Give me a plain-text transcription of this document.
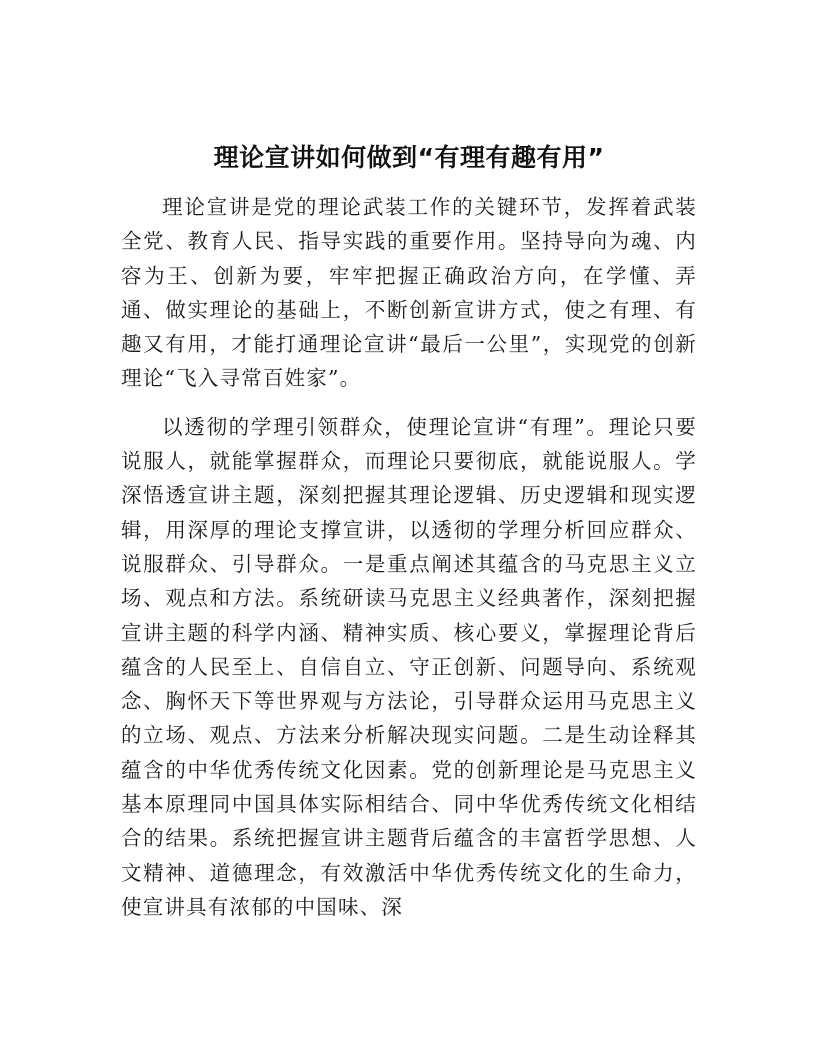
理论宣讲如何做到“有理有趣有用”

理论宣讲是党的理论武装工作的关键环节，发挥着武装全党、教育人民、指导实践的重要作用。坚持导向为魂、内容为王、创新为要，牢牢把握正确政治方向，在学懂、弄通、做实理论的基础上，不断创新宣讲方式，使之有理、有趣又有用，才能打通理论宣讲“最后一公里”，实现党的创新理论“飞入寻常百姓家”。

以透彻的学理引领群众，使理论宣讲“有理”。理论只要说服人，就能掌握群众，而理论只要彻底，就能说服人。学深悟透宣讲主题，深刻把握其理论逻辑、历史逻辑和现实逻辑，用深厚的理论支撑宣讲，以透彻的学理分析回应群众、说服群众、引导群众。一是重点阐述其蕴含的马克思主义立场、观点和方法。系统研读马克思主义经典著作，深刻把握宣讲主题的科学内涵、精神实质、核心要义，掌握理论背后蕴含的人民至上、自信自立、守正创新、问题导向、系统观念、胸怀天下等世界观与方法论，引导群众运用马克思主义的立场、观点、方法来分析解决现实问题。二是生动诠释其蕴含的中华优秀传统文化因素。党的创新理论是马克思主义基本原理同中国具体实际相结合、同中华优秀传统文化相结合的结果。系统把握宣讲主题背后蕴含的丰富哲学思想、人文精神、道德理念，有效激活中华优秀传统文化的生命力，使宣讲具有浓郁的中国味、深
